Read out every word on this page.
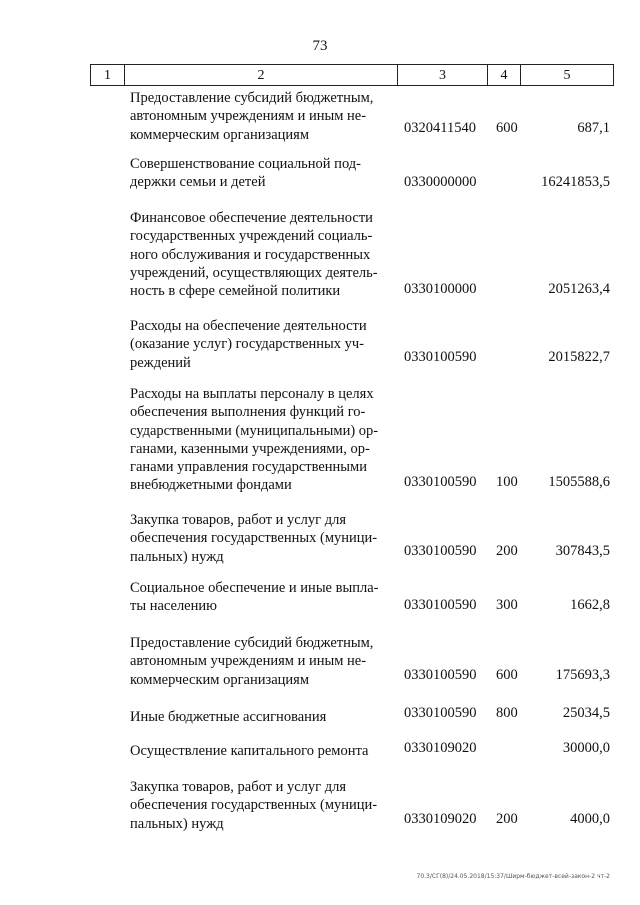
73
1	2	3	4	5
Предоставление субсидий бюджетным,
автономным учреждениям и иным не-
коммерческим организациям	0320411540 600	687,1
Совершенствование социальной под-
держки семьи и детей	0330000000	16241853,5
Финансовое обеспечение деятельности
государственных учреждений социаль-
ного обслуживания и государственных
учреждений, осуществляющих деятель-
ность в сфере семейной политики	0330100000	2051263,4
Расходы на обеспечение деятельности
(оказание услуг) государственных уч-
реждений	0330100590	2015822,7
Расходы на выплаты персоналу в целях
обеспечения выполнения функций го-
сударственными (муниципальными) ор-
ганами, казенными учреждениями, ор-
ганами управления государственными
внебюджетными фондами	0330100590 100 1505588,6
Закупка товаров, работ и услуг для
обеспечения государственных (муници-
пальных) нужд	0330100590 200	307843,5
Социальное обеспечение и иные выпла-
ты населению	0330100590 300	1662,8
Предоставление субсидий бюджетным,
автономным учреждениям и иным не-
коммерческим организациям	0330100590 600	175693,3
Иные бюджетные ассигнования	0330100590 800	25034,5
Осуществление капитального ремонта	0330109020	30000,0
Закупка товаров, работ и услуг для
обеспечения государственных (муници-
пальных) нужд	0330109020 200	4000,0
70.3/СГ(8)/24.05.2018/15:37/Ширм-бюджет-всей-закон-2 чт-2
